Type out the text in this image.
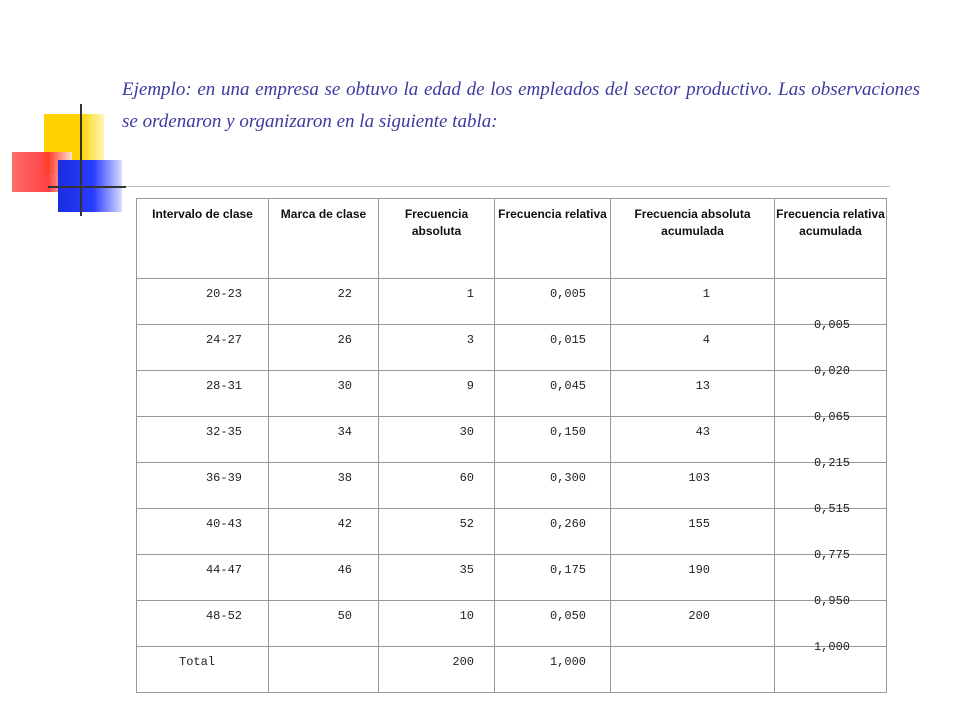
Ejemplo: en una empresa se obtuvo la edad de los empleados del sector productivo. Las observaciones se ordenaron y organizaron en la siguiente tabla:

Intervalo de clase	Marca de clase	Frecuencia absoluta	Frecuencia relativa	Frecuencia absoluta acumulada	Frecuencia relativa acumulada
20-23	22	1	0,005	1	0,005
24-27	26	3	0,015	4	0,020
28-31	30	9	0,045	13	0,065
32-35	34	30	0,150	43	0,215
36-39	38	60	0,300	103	0,515
40-43	42	52	0,260	155	0,775
44-47	46	35	0,175	190	0,950
48-52	50	10	0,050	200	1,000
Total		200	1,000		
